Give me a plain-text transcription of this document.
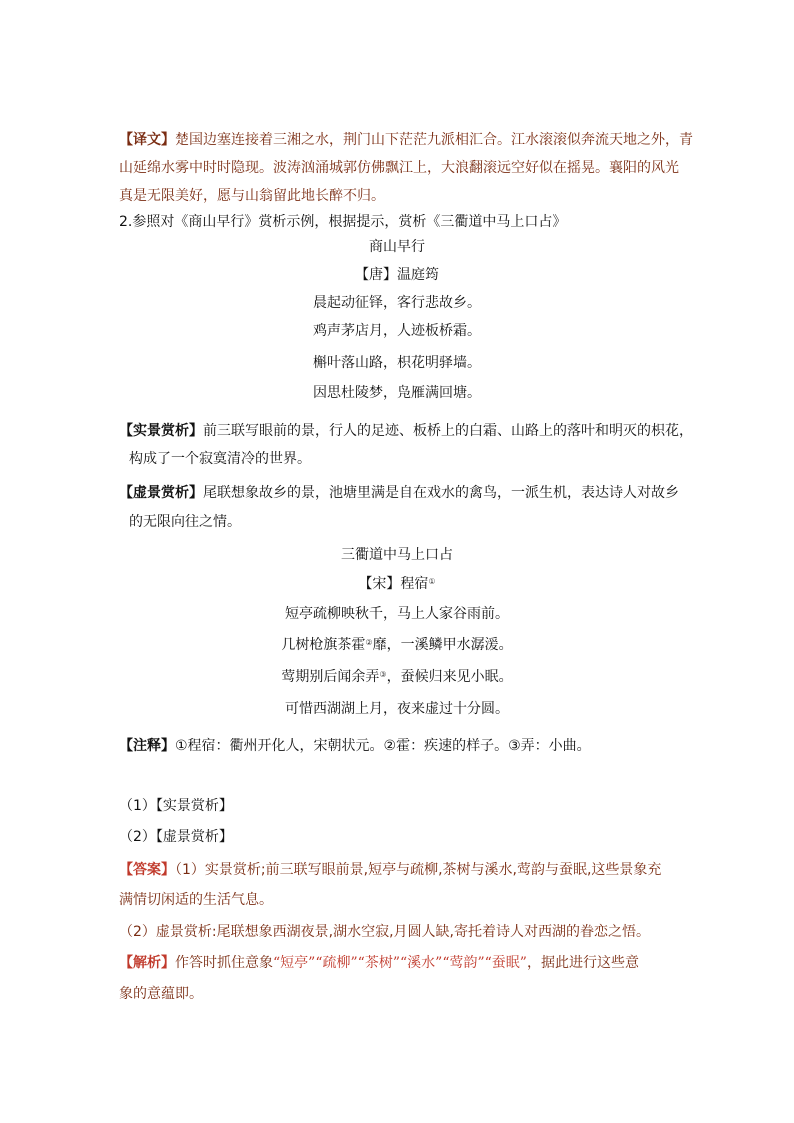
【译文】楚国边塞连接着三湘之水，荆门山下茫茫九派相汇合。江水滚滚似奔流天地之外，青
山延绵水雾中时时隐现。波涛汹涌城郭仿佛飘江上，大浪翻滚远空好似在摇晃。襄阳的风光
真是无限美好，愿与山翁留此地长醉不归。
2.参照对《商山早行》赏析示例，根据提示，赏析《三衢道中马上口占》
商山早行
【唐】温庭筠
晨起动征铎，客行悲故乡。
鸡声茅店月，人迹板桥霜。
槲叶落山路，枳花明驿墙。
因思杜陵梦，凫雁满回塘。
【实景赏析】前三联写眼前的景，行人的足迹、板桥上的白霜、山路上的落叶和明灭的枳花，
构成了一个寂寞清冷的世界。
【虚景赏析】尾联想象故乡的景，池塘里满是自在戏水的禽鸟，一派生机，表达诗人对故乡
的无限向往之情。
三衢道中马上口占
【宋】程宿①
短亭疏柳映秋千，马上人家谷雨前。
几树枪旗茶霍②靡，一溪鳞甲水潺湲。
莺期别后闻余弄③，蚕候归来见小眠。
可惜西湖湖上月，夜来虚过十分圆。
【注释】①程宿：衢州开化人，宋朝状元。②霍：疾速的样子。③弄：小曲。
（1）【实景赏析】
（2）【虚景赏析】
【答案】（1）实景赏析;前三联写眼前景,短亭与疏柳,茶树与溪水,莺韵与蚕眠,这些景象充
满情切闲适的生活气息。
（2）虚景赏析:尾联想象西湖夜景,湖水空寂,月圆人缺,寄托着诗人对西湖的眷恋之悟。
【解析】作答时抓住意象“短亭”“疏柳”“茶树”“溪水”“莺韵”“蚕眠”，据此进行这些意
象的意蕴即。
